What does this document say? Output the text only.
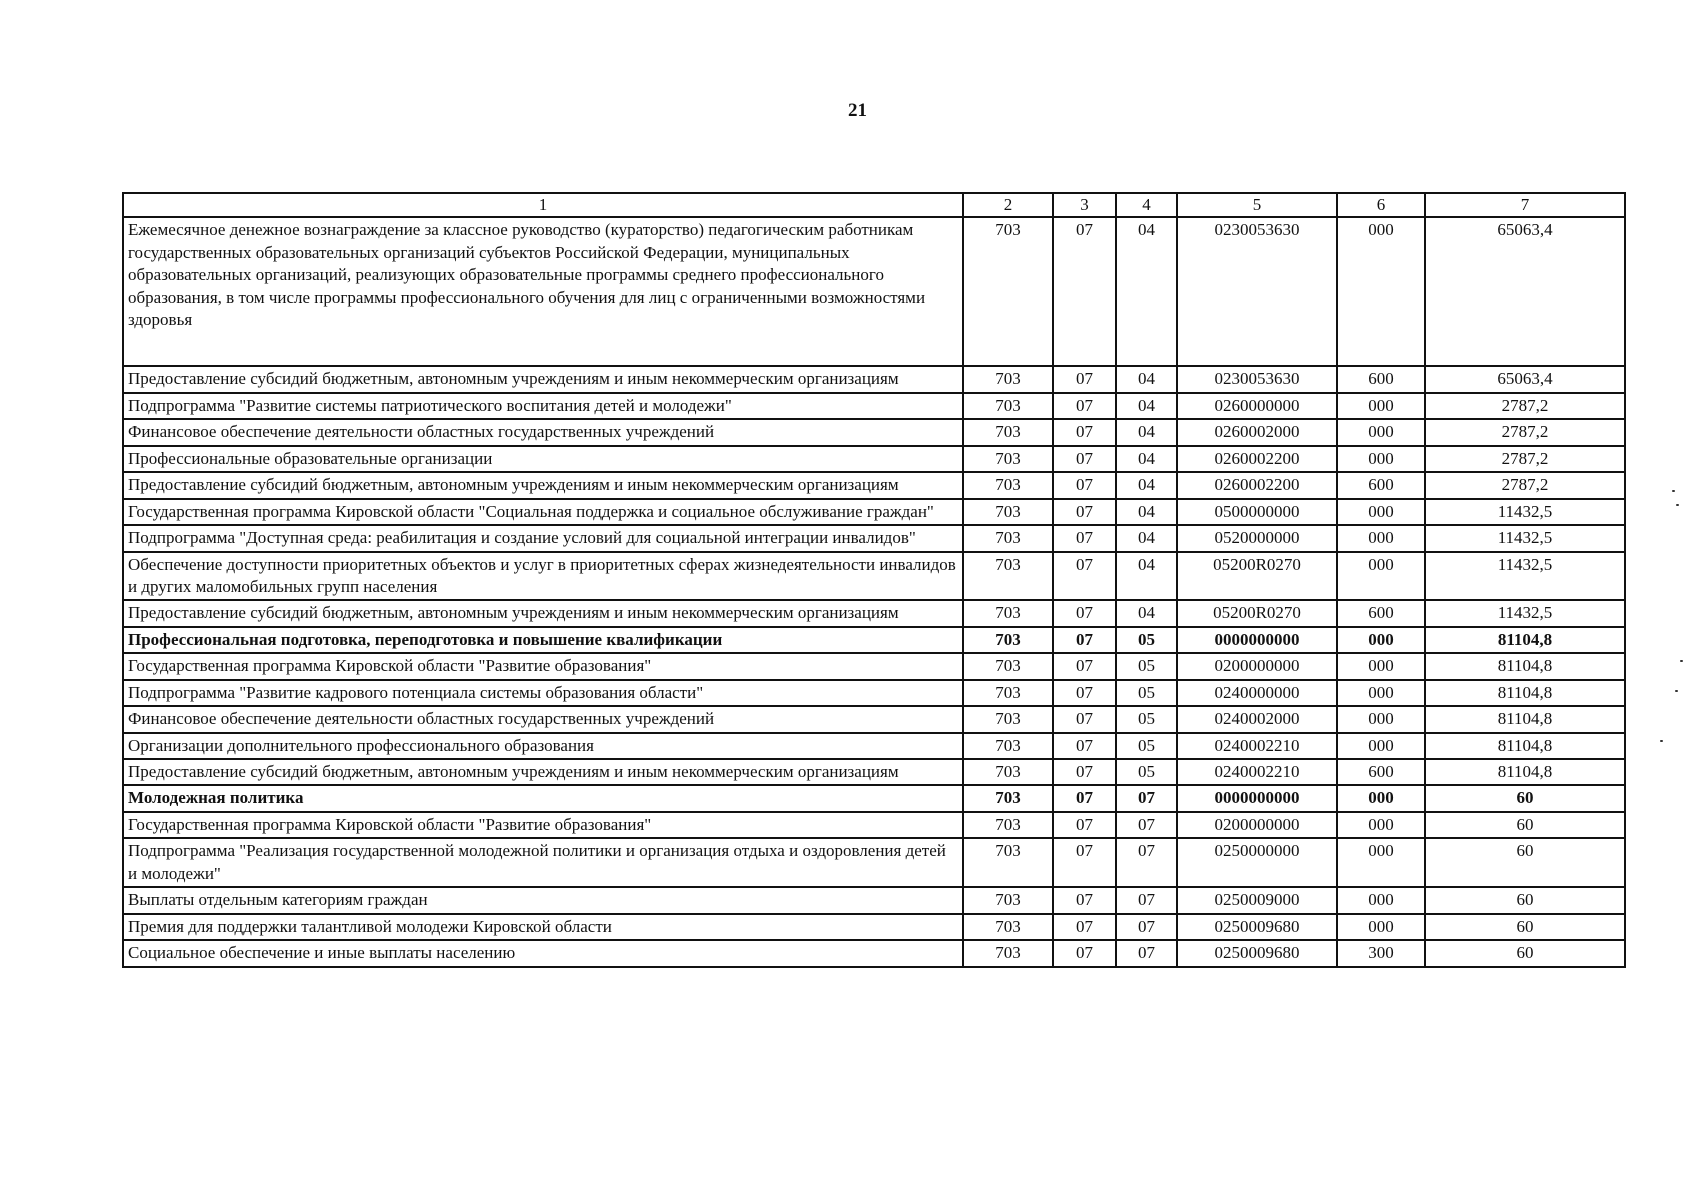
21
1	2	3	4	5	6	7
Ежемесячное денежное вознаграждение за классное руководство (кураторство) педагогическим работникам государственных образовательных организаций субъектов Российской Федерации, муниципальных образовательных организаций, реализующих образовательные программы среднего профессионального образования, в том числе программы профессионального обучения для лиц с ограниченными возможностями здоровья	703	07	04	0230053630	000	65063,4
Предоставление субсидий бюджетным, автономным учреждениям и иным некоммерческим организациям	703	07	04	0230053630	600	65063,4
Подпрограмма "Развитие системы патриотического воспитания детей и молодежи"	703	07	04	0260000000	000	2787,2
Финансовое обеспечение деятельности областных государственных учреждений	703	07	04	0260002000	000	2787,2
Профессиональные образовательные организации	703	07	04	0260002200	000	2787,2
Предоставление субсидий бюджетным, автономным учреждениям и иным некоммерческим организациям	703	07	04	0260002200	600	2787,2
Государственная программа Кировской области "Социальная поддержка и социальное обслуживание граждан"	703	07	04	0500000000	000	11432,5
Подпрограмма "Доступная среда: реабилитация и создание условий для социальной интеграции инвалидов"	703	07	04	0520000000	000	11432,5
Обеспечение доступности приоритетных объектов и услуг в приоритетных сферах жизнедеятельности инвалидов и других маломобильных групп населения	703	07	04	05200R0270	000	11432,5
Предоставление субсидий бюджетным, автономным учреждениям и иным некоммерческим организациям	703	07	04	05200R0270	600	11432,5
Профессиональная подготовка, переподготовка и повышение квалификации	703	07	05	0000000000	000	81104,8
Государственная программа Кировской области "Развитие образования"	703	07	05	0200000000	000	81104,8
Подпрограмма "Развитие кадрового потенциала системы образования области"	703	07	05	0240000000	000	81104,8
Финансовое обеспечение деятельности областных государственных учреждений	703	07	05	0240002000	000	81104,8
Организации дополнительного профессионального образования	703	07	05	0240002210	000	81104,8
Предоставление субсидий бюджетным, автономным учреждениям и иным некоммерческим организациям	703	07	05	0240002210	600	81104,8
Молодежная политика	703	07	07	0000000000	000	60
Государственная программа Кировской области "Развитие образования"	703	07	07	0200000000	000	60
Подпрограмма "Реализация государственной молодежной политики и организация отдыха и оздоровления детей и молодежи"	703	07	07	0250000000	000	60
Выплаты отдельным категориям граждан	703	07	07	0250009000	000	60
Премия для поддержки талантливой молодежи Кировской области	703	07	07	0250009680	000	60
Социальное обеспечение и иные выплаты населению	703	07	07	0250009680	300	60
